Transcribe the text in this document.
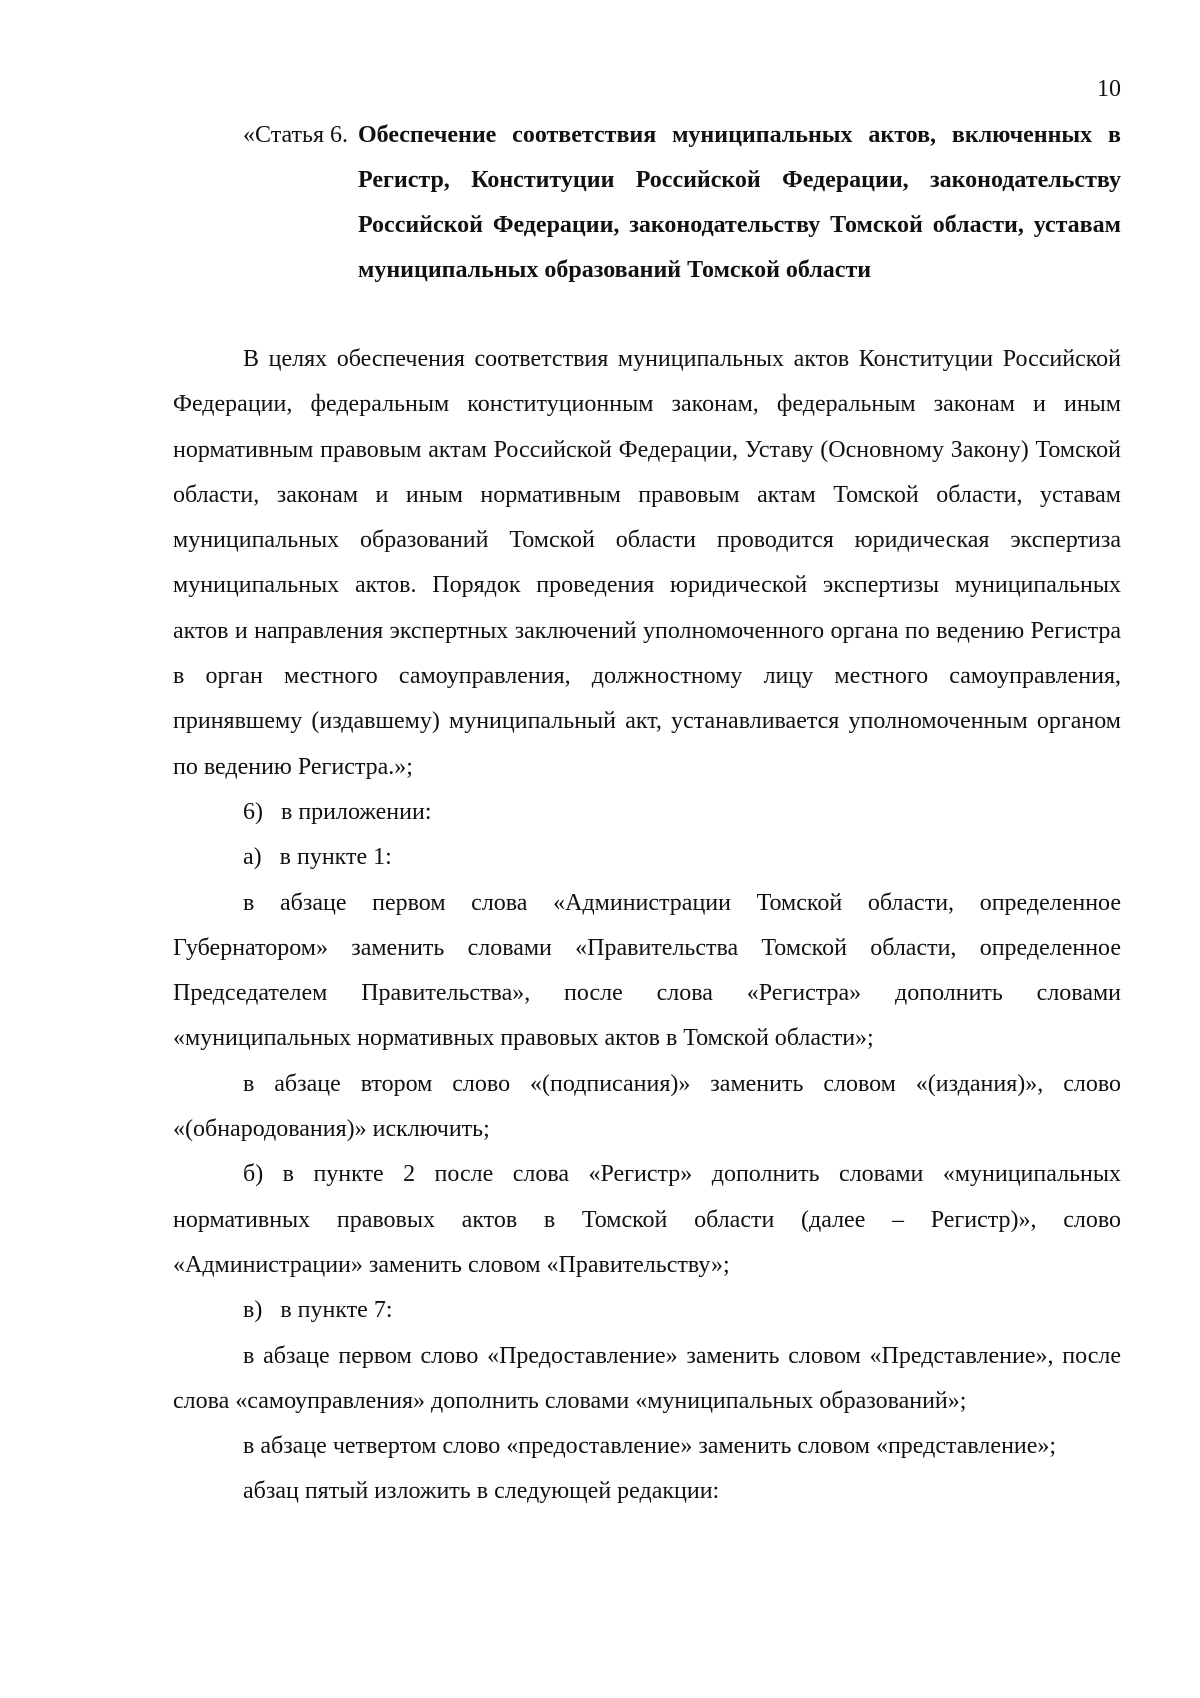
10
«Статья 6. Обеспечение соответствия муниципальных актов, включенных в Регистр, Конституции Российской Федерации, законодательству Российской Федерации, законодательству Томской области, уставам муниципальных образований Томской области

В целях обеспечения соответствия муниципальных актов Конституции Российской Федерации, федеральным конституционным законам, федеральным законам и иным нормативным правовым актам Российской Федерации, Уставу (Основному Закону) Томской области, законам и иным нормативным правовым актам Томской области, уставам муниципальных образований Томской области проводится юридическая экспертиза муниципальных актов. Порядок проведения юридической экспертизы муниципальных актов и направления экспертных заключений уполномоченного органа по ведению Регистра в орган местного самоуправления, должностному лицу местного самоуправления, принявшему (издавшему) муниципальный акт, устанавливается уполномоченным органом по ведению Регистра.»;

6)   в приложении:

а)   в пункте 1:

в абзаце первом слова «Администрации Томской области, определенное Губернатором» заменить словами «Правительства Томской области, определенное Председателем Правительства», после слова «Регистра» дополнить словами «муниципальных нормативных правовых актов в Томской области»;

в абзаце втором слово «(подписания)» заменить словом «(издания)», слово «(обнародования)» исключить;

б) в пункте 2 после слова «Регистр» дополнить словами «муниципальных нормативных правовых актов в Томской области (далее – Регистр)», слово «Администрации» заменить словом «Правительству»;

в)   в пункте 7:

в абзаце первом слово «Предоставление» заменить словом «Представление», после слова «самоуправления» дополнить словами «муниципальных образований»;

в абзаце четвертом слово «предоставление» заменить словом «представление»;

абзац пятый изложить в следующей редакции:
